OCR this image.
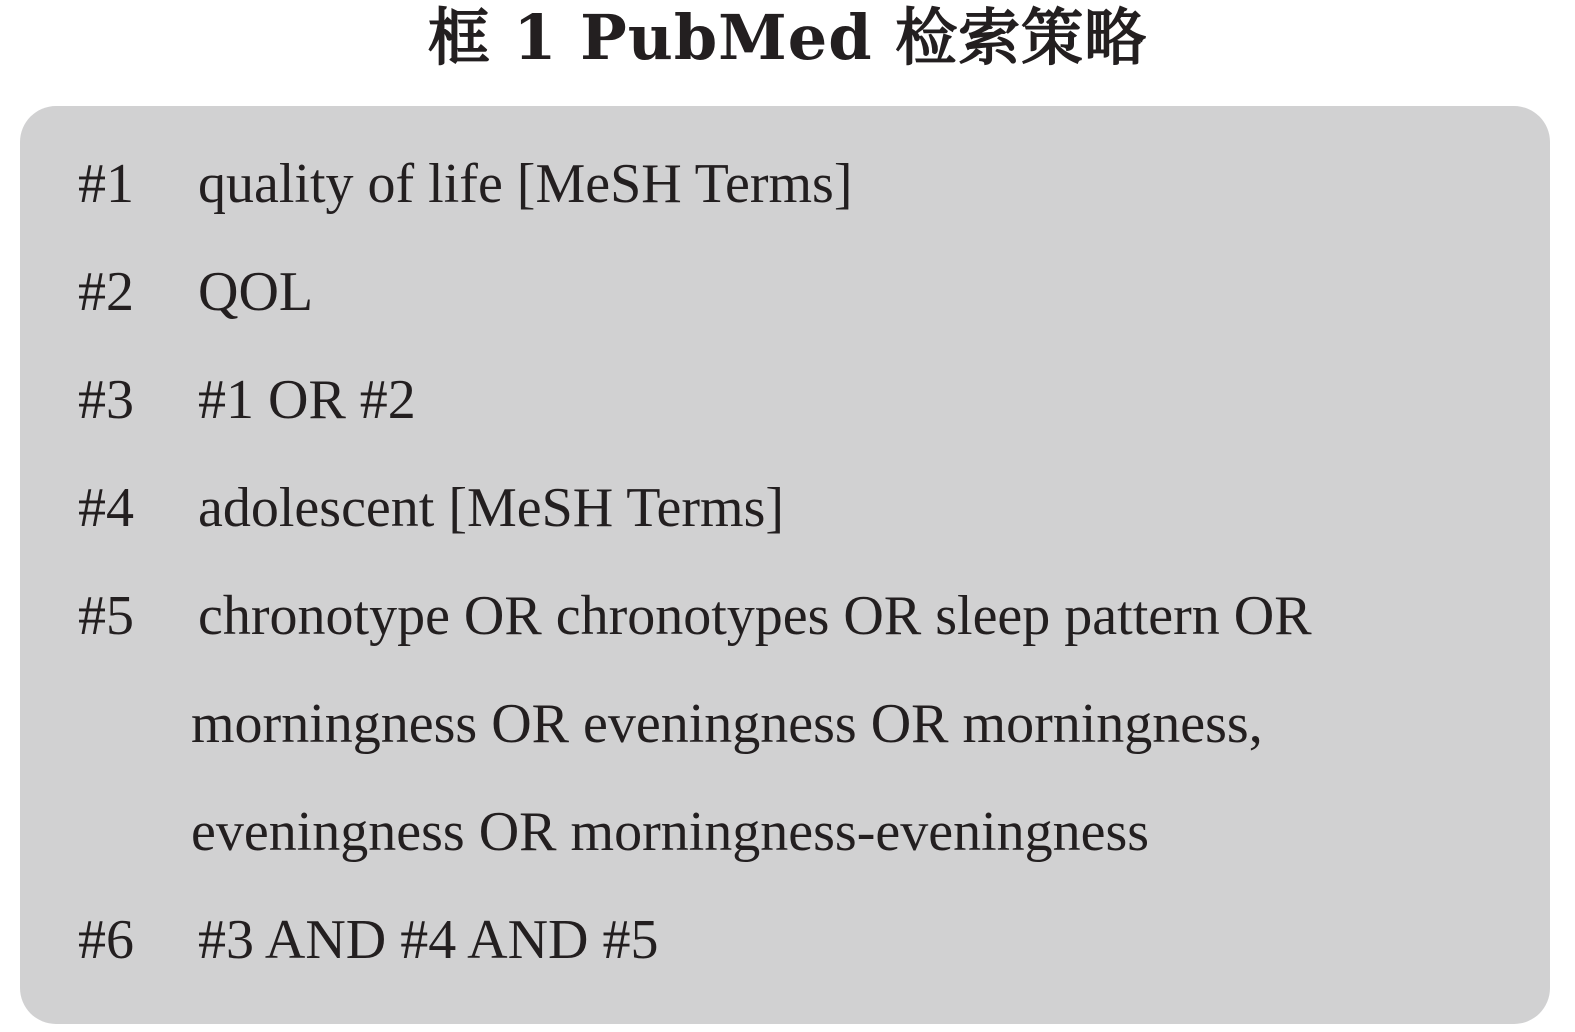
框 1 PubMed 检索策略
#1 quality of life [MeSH Terms]
#2 QOL
#3 #1 OR #2
#4 adolescent [MeSH Terms]
#5 chronotype OR chronotypes OR sleep pattern OR
morningness OR eveningness OR morningness,
eveningness OR morningness-eveningness
#6 #3 AND #4 AND #5
